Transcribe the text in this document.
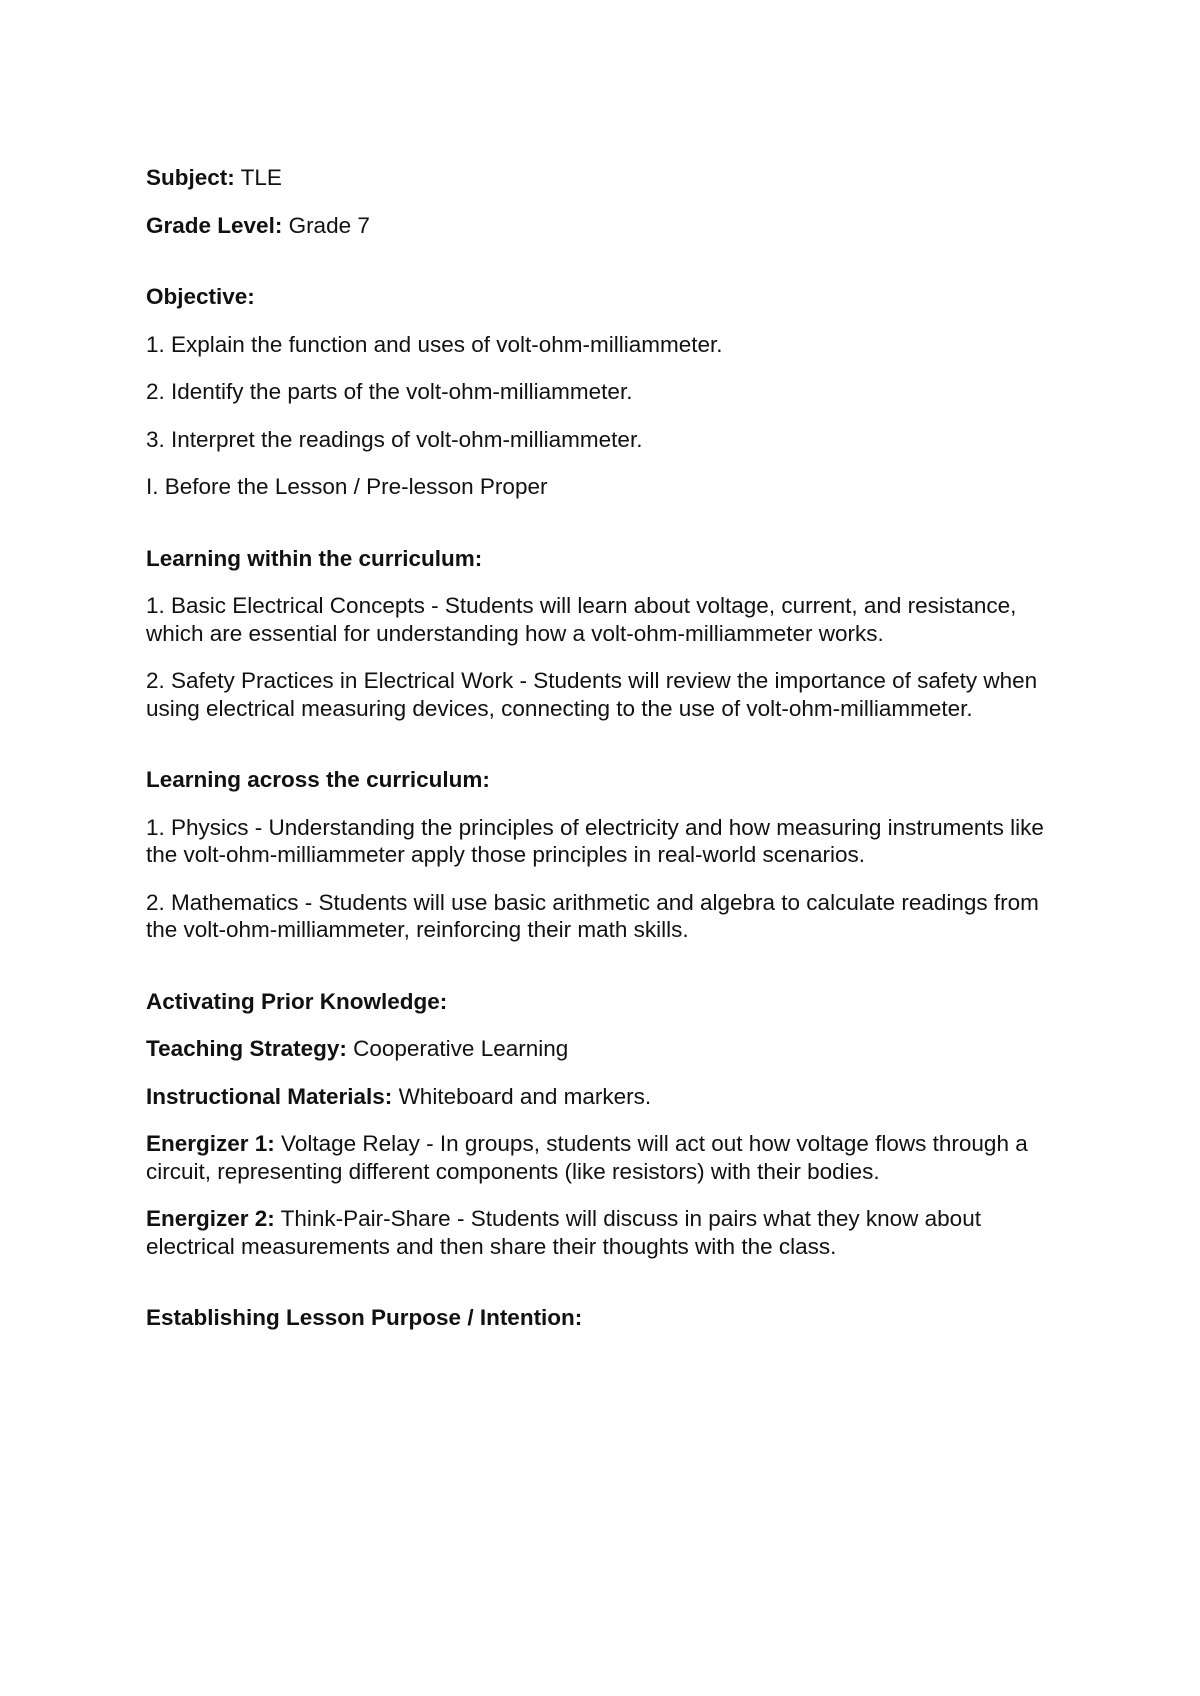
Subject: TLE

Grade Level: Grade 7

Objective:

1. Explain the function and uses of volt-ohm-milliammeter.

2. Identify the parts of the volt-ohm-milliammeter.

3. Interpret the readings of volt-ohm-milliammeter.

I. Before the Lesson / Pre-lesson Proper

Learning within the curriculum:

1. Basic Electrical Concepts - Students will learn about voltage, current, and resistance, which are essential for understanding how a volt-ohm-milliammeter works.

2. Safety Practices in Electrical Work - Students will review the importance of safety when using electrical measuring devices, connecting to the use of volt-ohm-milliammeter.

Learning across the curriculum:

1. Physics - Understanding the principles of electricity and how measuring instruments like the volt-ohm-milliammeter apply those principles in real-world scenarios.

2. Mathematics - Students will use basic arithmetic and algebra to calculate readings from the volt-ohm-milliammeter, reinforcing their math skills.

Activating Prior Knowledge:

Teaching Strategy: Cooperative Learning

Instructional Materials: Whiteboard and markers.

Energizer 1: Voltage Relay - In groups, students will act out how voltage flows through a circuit, representing different components (like resistors) with their bodies.

Energizer 2: Think-Pair-Share - Students will discuss in pairs what they know about electrical measurements and then share their thoughts with the class.

Establishing Lesson Purpose / Intention:
